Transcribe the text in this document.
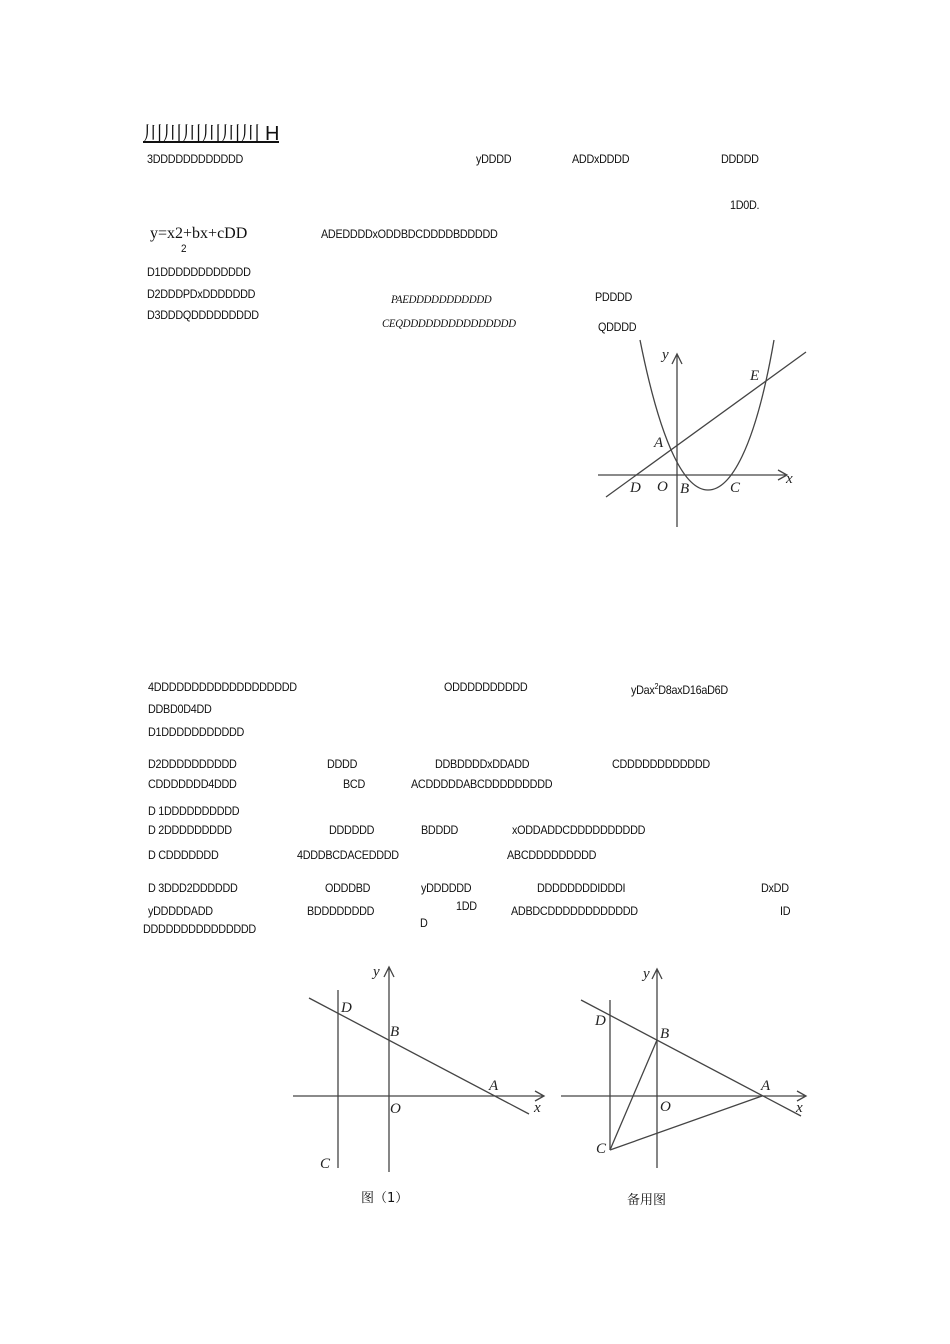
川川川川川川 H
3DDDDDDDDDDDD	yDDDD	ADDxDDDD	DDDDD
1D0D.
y=x2+bx+cDD
2
ADEDDDDxODDBDCDDDDBDDDDD
D1DDDDDDDDDDDD
D2DDDPDxDDDDDDD	PAEDDDDDDDDDDD	PDDDD
D3DDDQDDDDDDDDD
CEQDDDDDDDDDDDDDDD	QDDDD
y
x
E
A
D O B	C
4DDDDDDDDDDDDDDDDDDD	ODDDDDDDDDD	yDax$^2$D8axD16aD6D
DDBD0D4DD
D1DDDDDDDDDDD
D2DDDDDDDDDD	DDDD	DDBDDDDxDDADD	CDDDDDDDDDDDD
CDDDDDDD4DDD	BCD	ACDDDDDABCDDDDDDDDD
D 1DDDDDDDDDD
D 2DDDDDDDDD	DDDDDD	BDDDD	xODDADDCDDDDDDDDDD
D CDDDDDDD	4DDDBCDACEDDDD	ABCDDDDDDDDD
D 3DDD2DDDDDD	ODDDBD	yDDDDDD	DDDDDDDDIDDDI	DxDD
yDDDDDADD	BDDDDDDDD	1DD
D
ADBDCDDDDDDDDDDDD	ID
DDDDDDDDDDDDDDD
y
x
D
B
A
O
C
图（1）
y
x
D
B
A
O
C
备用图
